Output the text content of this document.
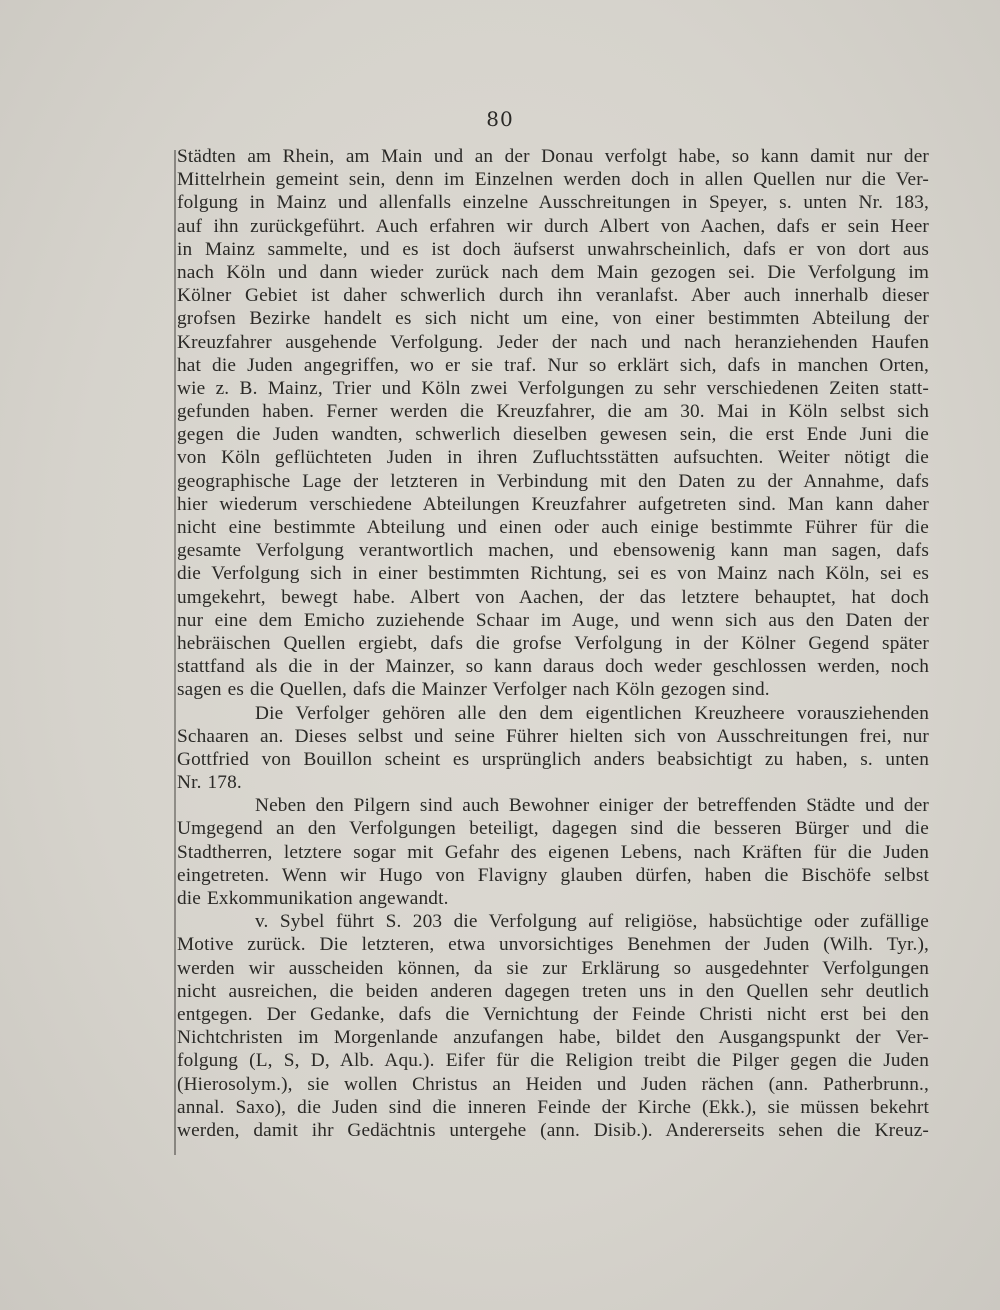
80
Städten am Rhein, am Main und an der Donau verfolgt habe, so kann damit nur der
Mittelrhein gemeint sein, denn im Einzelnen werden doch in allen Quellen nur die Ver-
folgung in Mainz und allenfalls einzelne Ausschreitungen in Speyer, s. unten Nr. 183,
auf ihn zurückgeführt. Auch erfahren wir durch Albert von Aachen, dafs er sein Heer
in Mainz sammelte, und es ist doch äufserst unwahrscheinlich, dafs er von dort aus
nach Köln und dann wieder zurück nach dem Main gezogen sei. Die Verfolgung im
Kölner Gebiet ist daher schwerlich durch ihn veranlafst. Aber auch innerhalb dieser
grofsen Bezirke handelt es sich nicht um eine, von einer bestimmten Abteilung der
Kreuzfahrer ausgehende Verfolgung. Jeder der nach und nach heranziehenden Haufen
hat die Juden angegriffen, wo er sie traf. Nur so erklärt sich, dafs in manchen Orten,
wie z. B. Mainz, Trier und Köln zwei Verfolgungen zu sehr verschiedenen Zeiten statt-
gefunden haben. Ferner werden die Kreuzfahrer, die am 30. Mai in Köln selbst sich
gegen die Juden wandten, schwerlich dieselben gewesen sein, die erst Ende Juni die
von Köln geflüchteten Juden in ihren Zufluchtsstätten aufsuchten. Weiter nötigt die
geographische Lage der letzteren in Verbindung mit den Daten zu der Annahme, dafs
hier wiederum verschiedene Abteilungen Kreuzfahrer aufgetreten sind. Man kann daher
nicht eine bestimmte Abteilung und einen oder auch einige bestimmte Führer für die
gesamte Verfolgung verantwortlich machen, und ebensowenig kann man sagen, dafs
die Verfolgung sich in einer bestimmten Richtung, sei es von Mainz nach Köln, sei es
umgekehrt, bewegt habe. Albert von Aachen, der das letztere behauptet, hat doch
nur eine dem Emicho zuziehende Schaar im Auge, und wenn sich aus den Daten der
hebräischen Quellen ergiebt, dafs die grofse Verfolgung in der Kölner Gegend später
stattfand als die in der Mainzer, so kann daraus doch weder geschlossen werden, noch
sagen es die Quellen, dafs die Mainzer Verfolger nach Köln gezogen sind.
Die Verfolger gehören alle den dem eigentlichen Kreuzheere vorausziehenden
Schaaren an. Dieses selbst und seine Führer hielten sich von Ausschreitungen frei, nur
Gottfried von Bouillon scheint es ursprünglich anders beabsichtigt zu haben, s. unten
Nr. 178.
Neben den Pilgern sind auch Bewohner einiger der betreffenden Städte und der
Umgegend an den Verfolgungen beteiligt, dagegen sind die besseren Bürger und die
Stadtherren, letztere sogar mit Gefahr des eigenen Lebens, nach Kräften für die Juden
eingetreten. Wenn wir Hugo von Flavigny glauben dürfen, haben die Bischöfe selbst
die Exkommunikation angewandt.
v. Sybel führt S. 203 die Verfolgung auf religiöse, habsüchtige oder zufällige
Motive zurück. Die letzteren, etwa unvorsichtiges Benehmen der Juden (Wilh. Tyr.),
werden wir ausscheiden können, da sie zur Erklärung so ausgedehnter Verfolgungen
nicht ausreichen, die beiden anderen dagegen treten uns in den Quellen sehr deutlich
entgegen. Der Gedanke, dafs die Vernichtung der Feinde Christi nicht erst bei den
Nichtchristen im Morgenlande anzufangen habe, bildet den Ausgangspunkt der Ver-
folgung (L, S, D, Alb. Aqu.). Eifer für die Religion treibt die Pilger gegen die Juden
(Hierosolym.), sie wollen Christus an Heiden und Juden rächen (ann. Patherbrunn.,
annal. Saxo), die Juden sind die inneren Feinde der Kirche (Ekk.), sie müssen bekehrt
werden, damit ihr Gedächtnis untergehe (ann. Disib.). Andererseits sehen die Kreuz-
